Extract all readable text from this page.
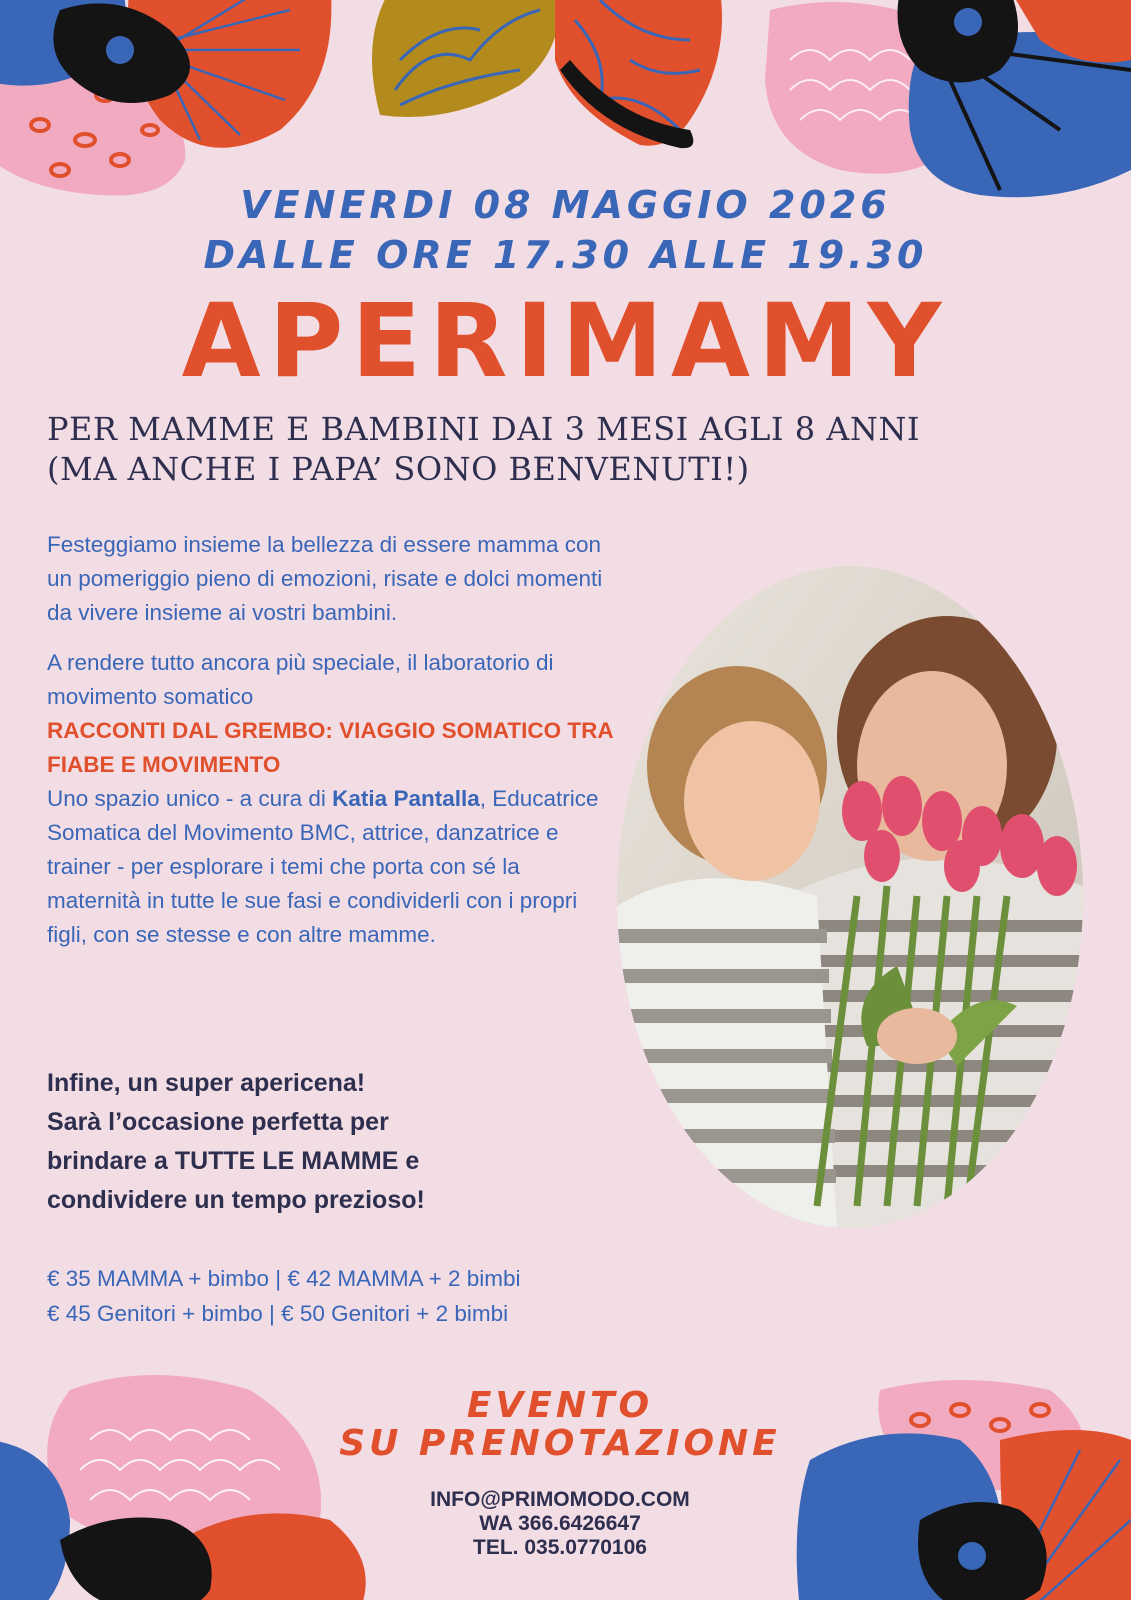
VENERDI 08 MAGGIO 2026
DALLE ORE 17.30 ALLE 19.30
APERIMAMY
PER MAMME E BAMBINI DAI 3 MESI AGLI 8 ANNI
(MA ANCHE I PAPA’ SONO BENVENUTI!)

Festeggiamo insieme la bellezza di essere mamma con un pomeriggio pieno di emozioni, risate e dolci momenti da vivere insieme ai vostri bambini.

A rendere tutto ancora più speciale, il laboratorio di movimento somatico
RACCONTI DAL GREMBO: VIAGGIO SOMATICO TRA FIABE E MOVIMENTO
Uno spazio unico - a cura di Katia Pantalla, Educatrice Somatica del Movimento BMC, attrice, danzatrice e trainer - per esplorare i temi che porta con sé la maternità in tutte le sue fasi e condividerli con i propri figli, con se stesse e con altre mamme.

Infine, un super apericena!
Sarà l’occasione perfetta per
brindare a TUTTE LE MAMME e
condividere un tempo prezioso!
€ 35 MAMMA + bimbo | € 42 MAMMA + 2 bimbi
€ 45 Genitori + bimbo | € 50 Genitori + 2 bimbi
EVENTO
SU PRENOTAZIONE
INFO@PRIMOMODO.COM
WA 366.6426647
TEL. 035.0770106
